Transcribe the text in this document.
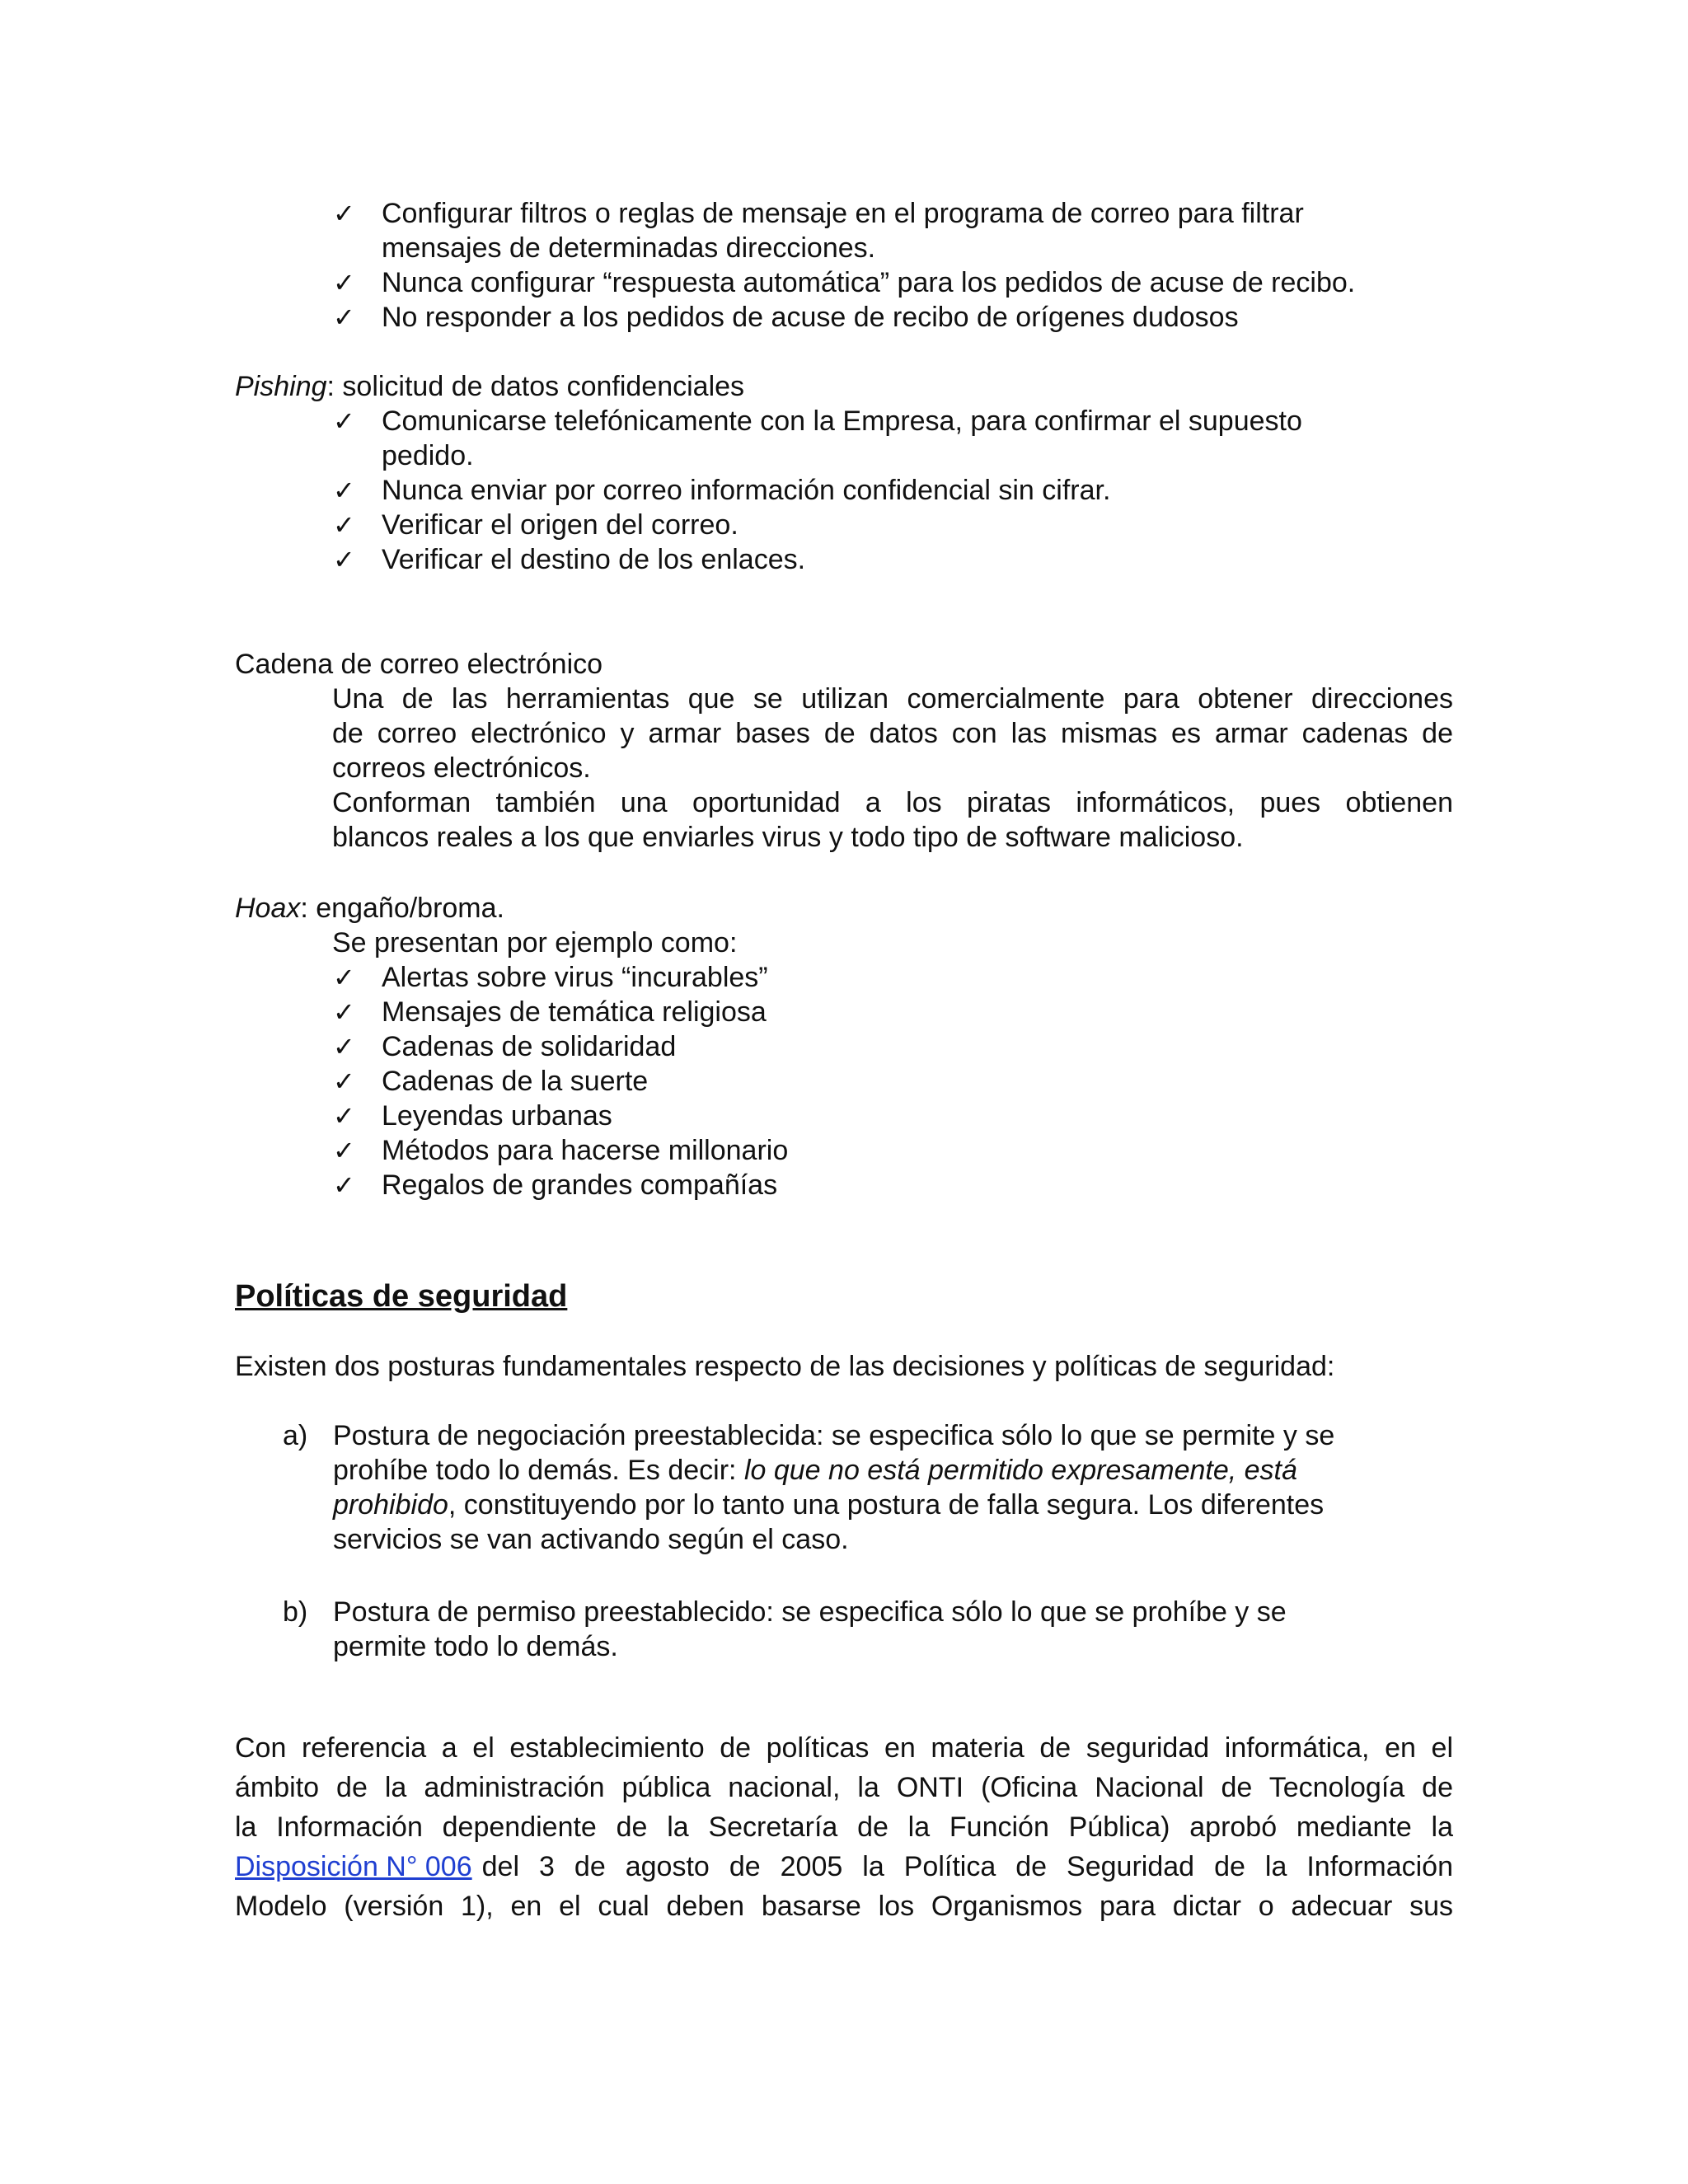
✓ Configurar filtros o reglas de mensaje en el programa de correo para filtrar
mensajes de determinadas direcciones.
✓ Nunca configurar “respuesta automática” para los pedidos de acuse de recibo.
✓ No responder a los pedidos de acuse de recibo de orígenes dudosos
Pishing: solicitud de datos confidenciales
✓ Comunicarse telefónicamente con la Empresa, para confirmar el supuesto
pedido.
✓ Nunca enviar por correo información confidencial sin cifrar.
✓ Verificar el origen del correo.
✓ Verificar el destino de los enlaces.
Cadena de correo electrónico
Una de las herramientas que se utilizan comercialmente para obtener direcciones
de correo electrónico y armar bases de datos con las mismas es armar cadenas de
correos electrónicos.
Conforman también una oportunidad a los piratas informáticos, pues obtienen
blancos reales a los que enviarles virus y todo tipo de software malicioso.
Hoax: engaño/broma.
Se presentan por ejemplo como:
✓ Alertas sobre virus “incurables”
✓ Mensajes de temática religiosa
✓ Cadenas de solidaridad
✓ Cadenas de la suerte
✓ Leyendas urbanas
✓ Métodos para hacerse millonario
✓ Regalos de grandes compañías
Políticas de seguridad
Existen dos posturas fundamentales respecto de las decisiones y políticas de seguridad:
a) Postura de negociación preestablecida: se especifica sólo lo que se permite y se
prohíbe todo lo demás. Es decir: lo que no está permitido expresamente, está
prohibido, constituyendo por lo tanto una postura de falla segura. Los diferentes
servicios se van activando según el caso.
b) Postura de permiso preestablecido: se especifica sólo lo que se prohíbe y se
permite todo lo demás.
Con referencia a el establecimiento de políticas en materia de seguridad informática, en el
ámbito de la administración pública nacional, la ONTI (Oficina Nacional de Tecnología de
la Información dependiente de la Secretaría de la Función Pública) aprobó mediante la
Disposición N° 006 del 3 de agosto de 2005 la Política de Seguridad de la Información
Modelo (versión 1), en el cual deben basarse los Organismos para dictar o adecuar sus
